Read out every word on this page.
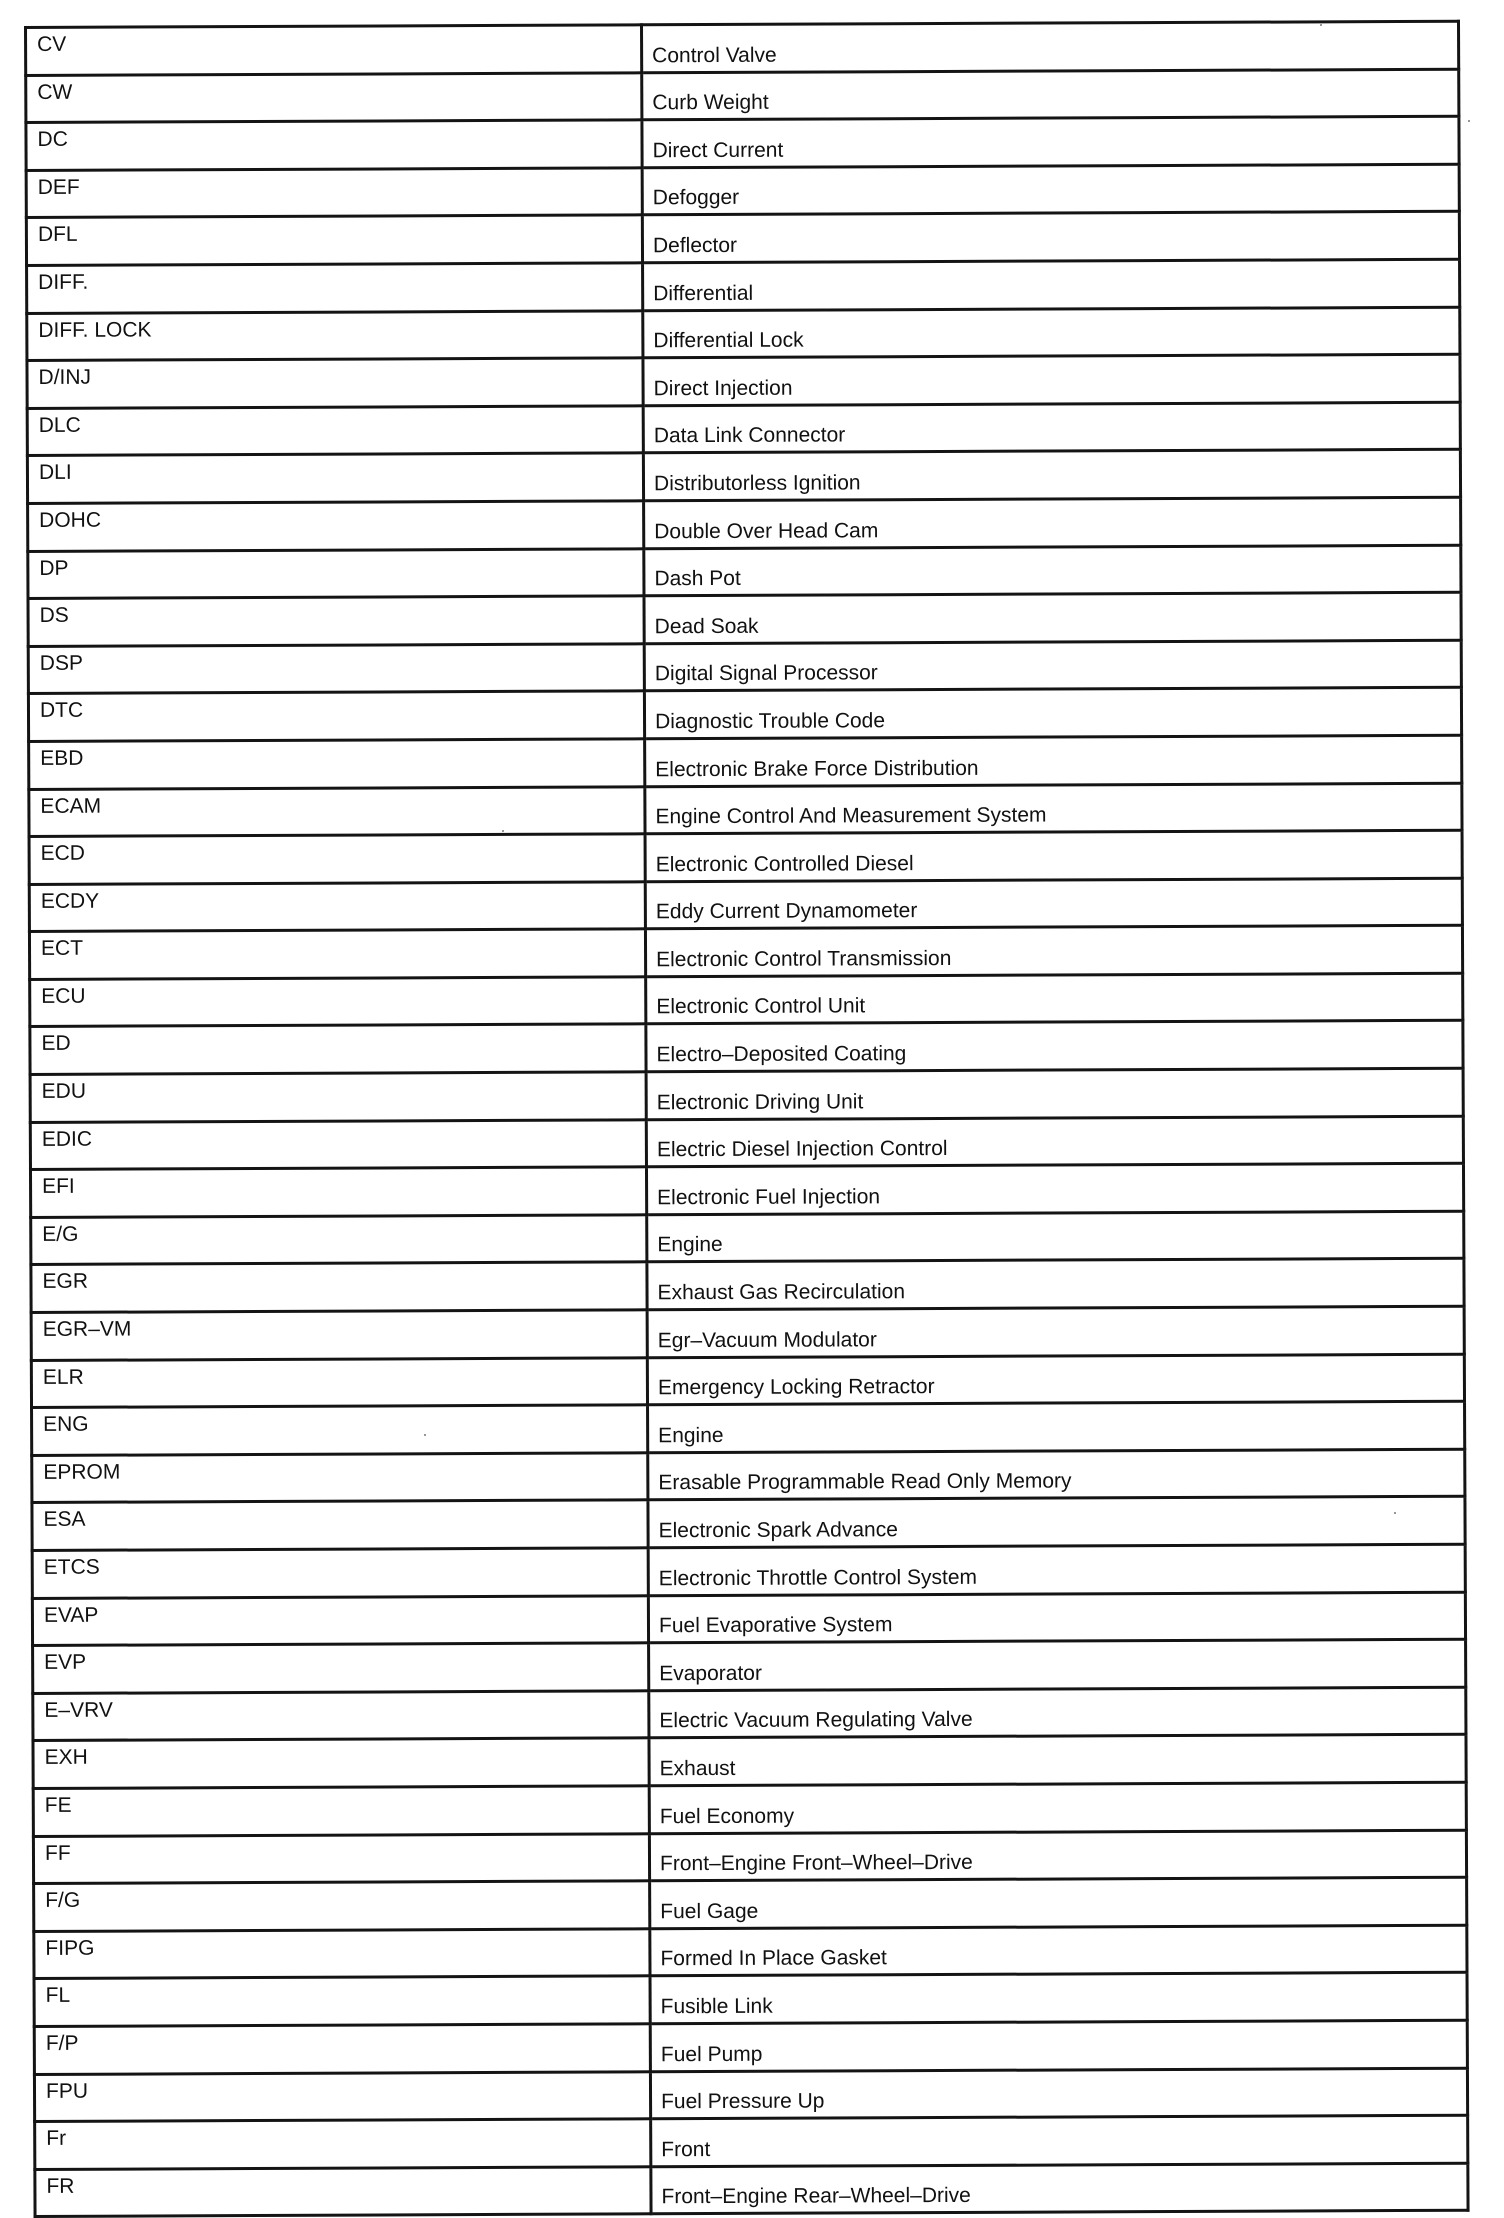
CV	Control Valve
CW	Curb Weight
DC	Direct Current
DEF	Defogger
DFL	Deflector
DIFF.	Differential
DIFF. LOCK	Differential Lock
D/INJ	Direct Injection
DLC	Data Link Connector
DLI	Distributorless Ignition
DOHC	Double Over Head Cam
DP	Dash Pot
DS	Dead Soak
DSP	Digital Signal Processor
DTC	Diagnostic Trouble Code
EBD	Electronic Brake Force Distribution
ECAM	Engine Control And Measurement System
ECD	Electronic Controlled Diesel
ECDY	Eddy Current Dynamometer
ECT	Electronic Control Transmission
ECU	Electronic Control Unit
ED	Electro–Deposited Coating
EDU	Electronic Driving Unit
EDIC	Electric Diesel Injection Control
EFI	Electronic Fuel Injection
E/G	Engine
EGR	Exhaust Gas Recirculation
EGR–VM	Egr–Vacuum Modulator
ELR	Emergency Locking Retractor
ENG	Engine
EPROM	Erasable Programmable Read Only Memory
ESA	Electronic Spark Advance
ETCS	Electronic Throttle Control System
EVAP	Fuel Evaporative System
EVP	Evaporator
E–VRV	Electric Vacuum Regulating Valve
EXH	Exhaust
FE	Fuel Economy
FF	Front–Engine Front–Wheel–Drive
F/G	Fuel Gage
FIPG	Formed In Place Gasket
FL	Fusible Link
F/P	Fuel Pump
FPU	Fuel Pressure Up
Fr	Front
FR	Front–Engine Rear–Wheel–Drive
